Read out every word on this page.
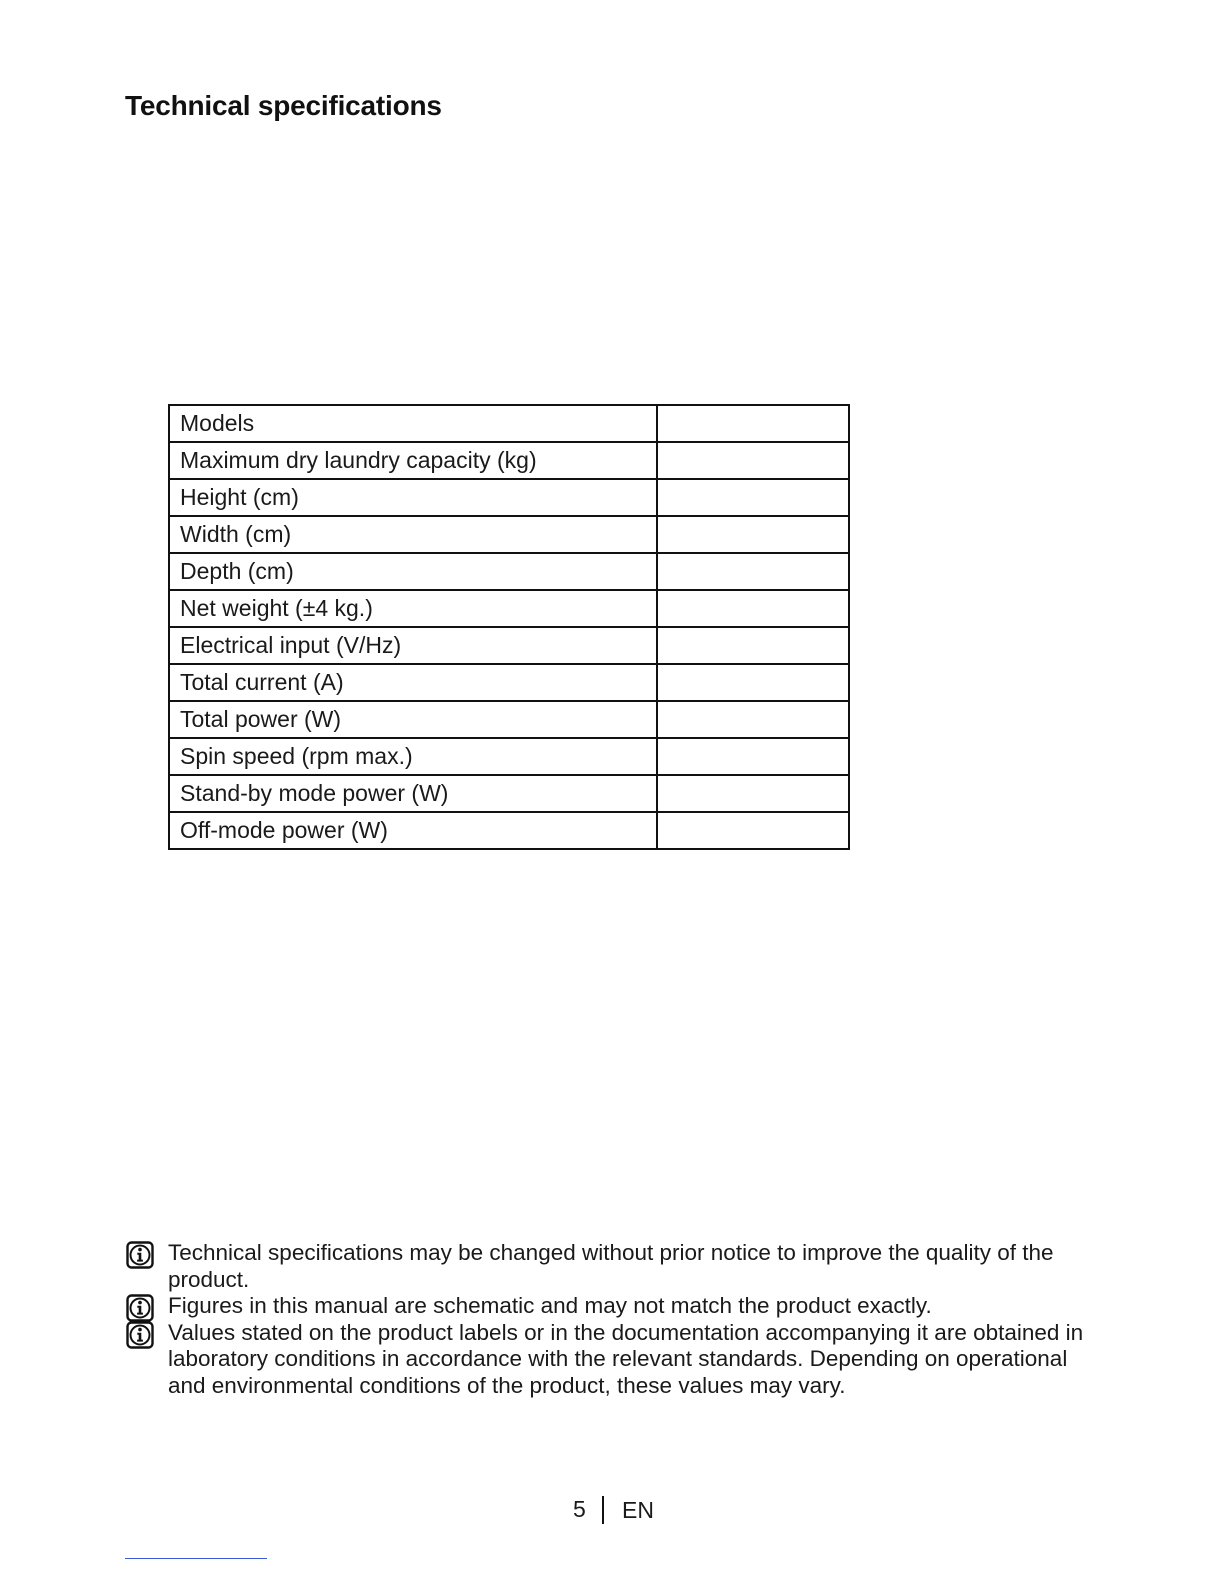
Technical specifications
Models	
Maximum dry laundry capacity (kg)	
Height (cm)	
Width (cm)	
Depth (cm)	
Net weight (±4 kg.)	
Electrical input (V/Hz)	
Total current (A)	
Total power (W)	
Spin speed (rpm max.)	
Stand-by mode power (W)	
Off-mode power (W)	
Technical specifications may be changed without prior notice to improve the quality of the product.
Figures in this manual are schematic and may not match the product exactly.
Values stated on the product labels or in the documentation accompanying it are obtained in laboratory conditions in accordance with the relevant standards. Depending on operational and environmental conditions of the product, these values may vary.
5 EN
